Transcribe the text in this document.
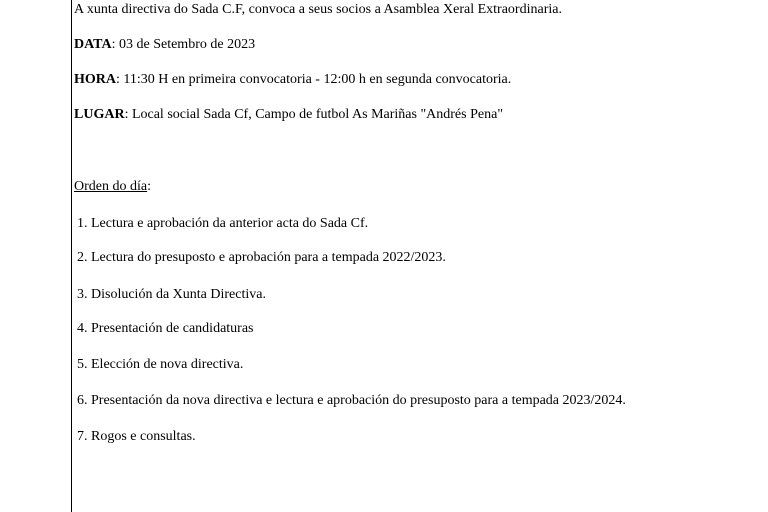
A xunta directiva do Sada C.F, convoca a seus socios a Asamblea Xeral Extraordinaria.
DATA: 03 de Setembro de 2023
HORA: 11:30 H en primeira convocatoria - 12:00 h en segunda convocatoria.
LUGAR: Local social Sada Cf, Campo de futbol As Mariñas "Andrés Pena"
Orden do día:
1. Lectura e aprobación da anterior acta do Sada Cf.
2. Lectura do presuposto e aprobación para a tempada 2022/2023.
3. Disolución da Xunta Directiva.
4. Presentación de candidaturas
5. Elección de nova directiva.
6. Presentación da nova directiva e lectura e aprobación do presuposto para a tempada 2023/2024.
7. Rogos e consultas.
